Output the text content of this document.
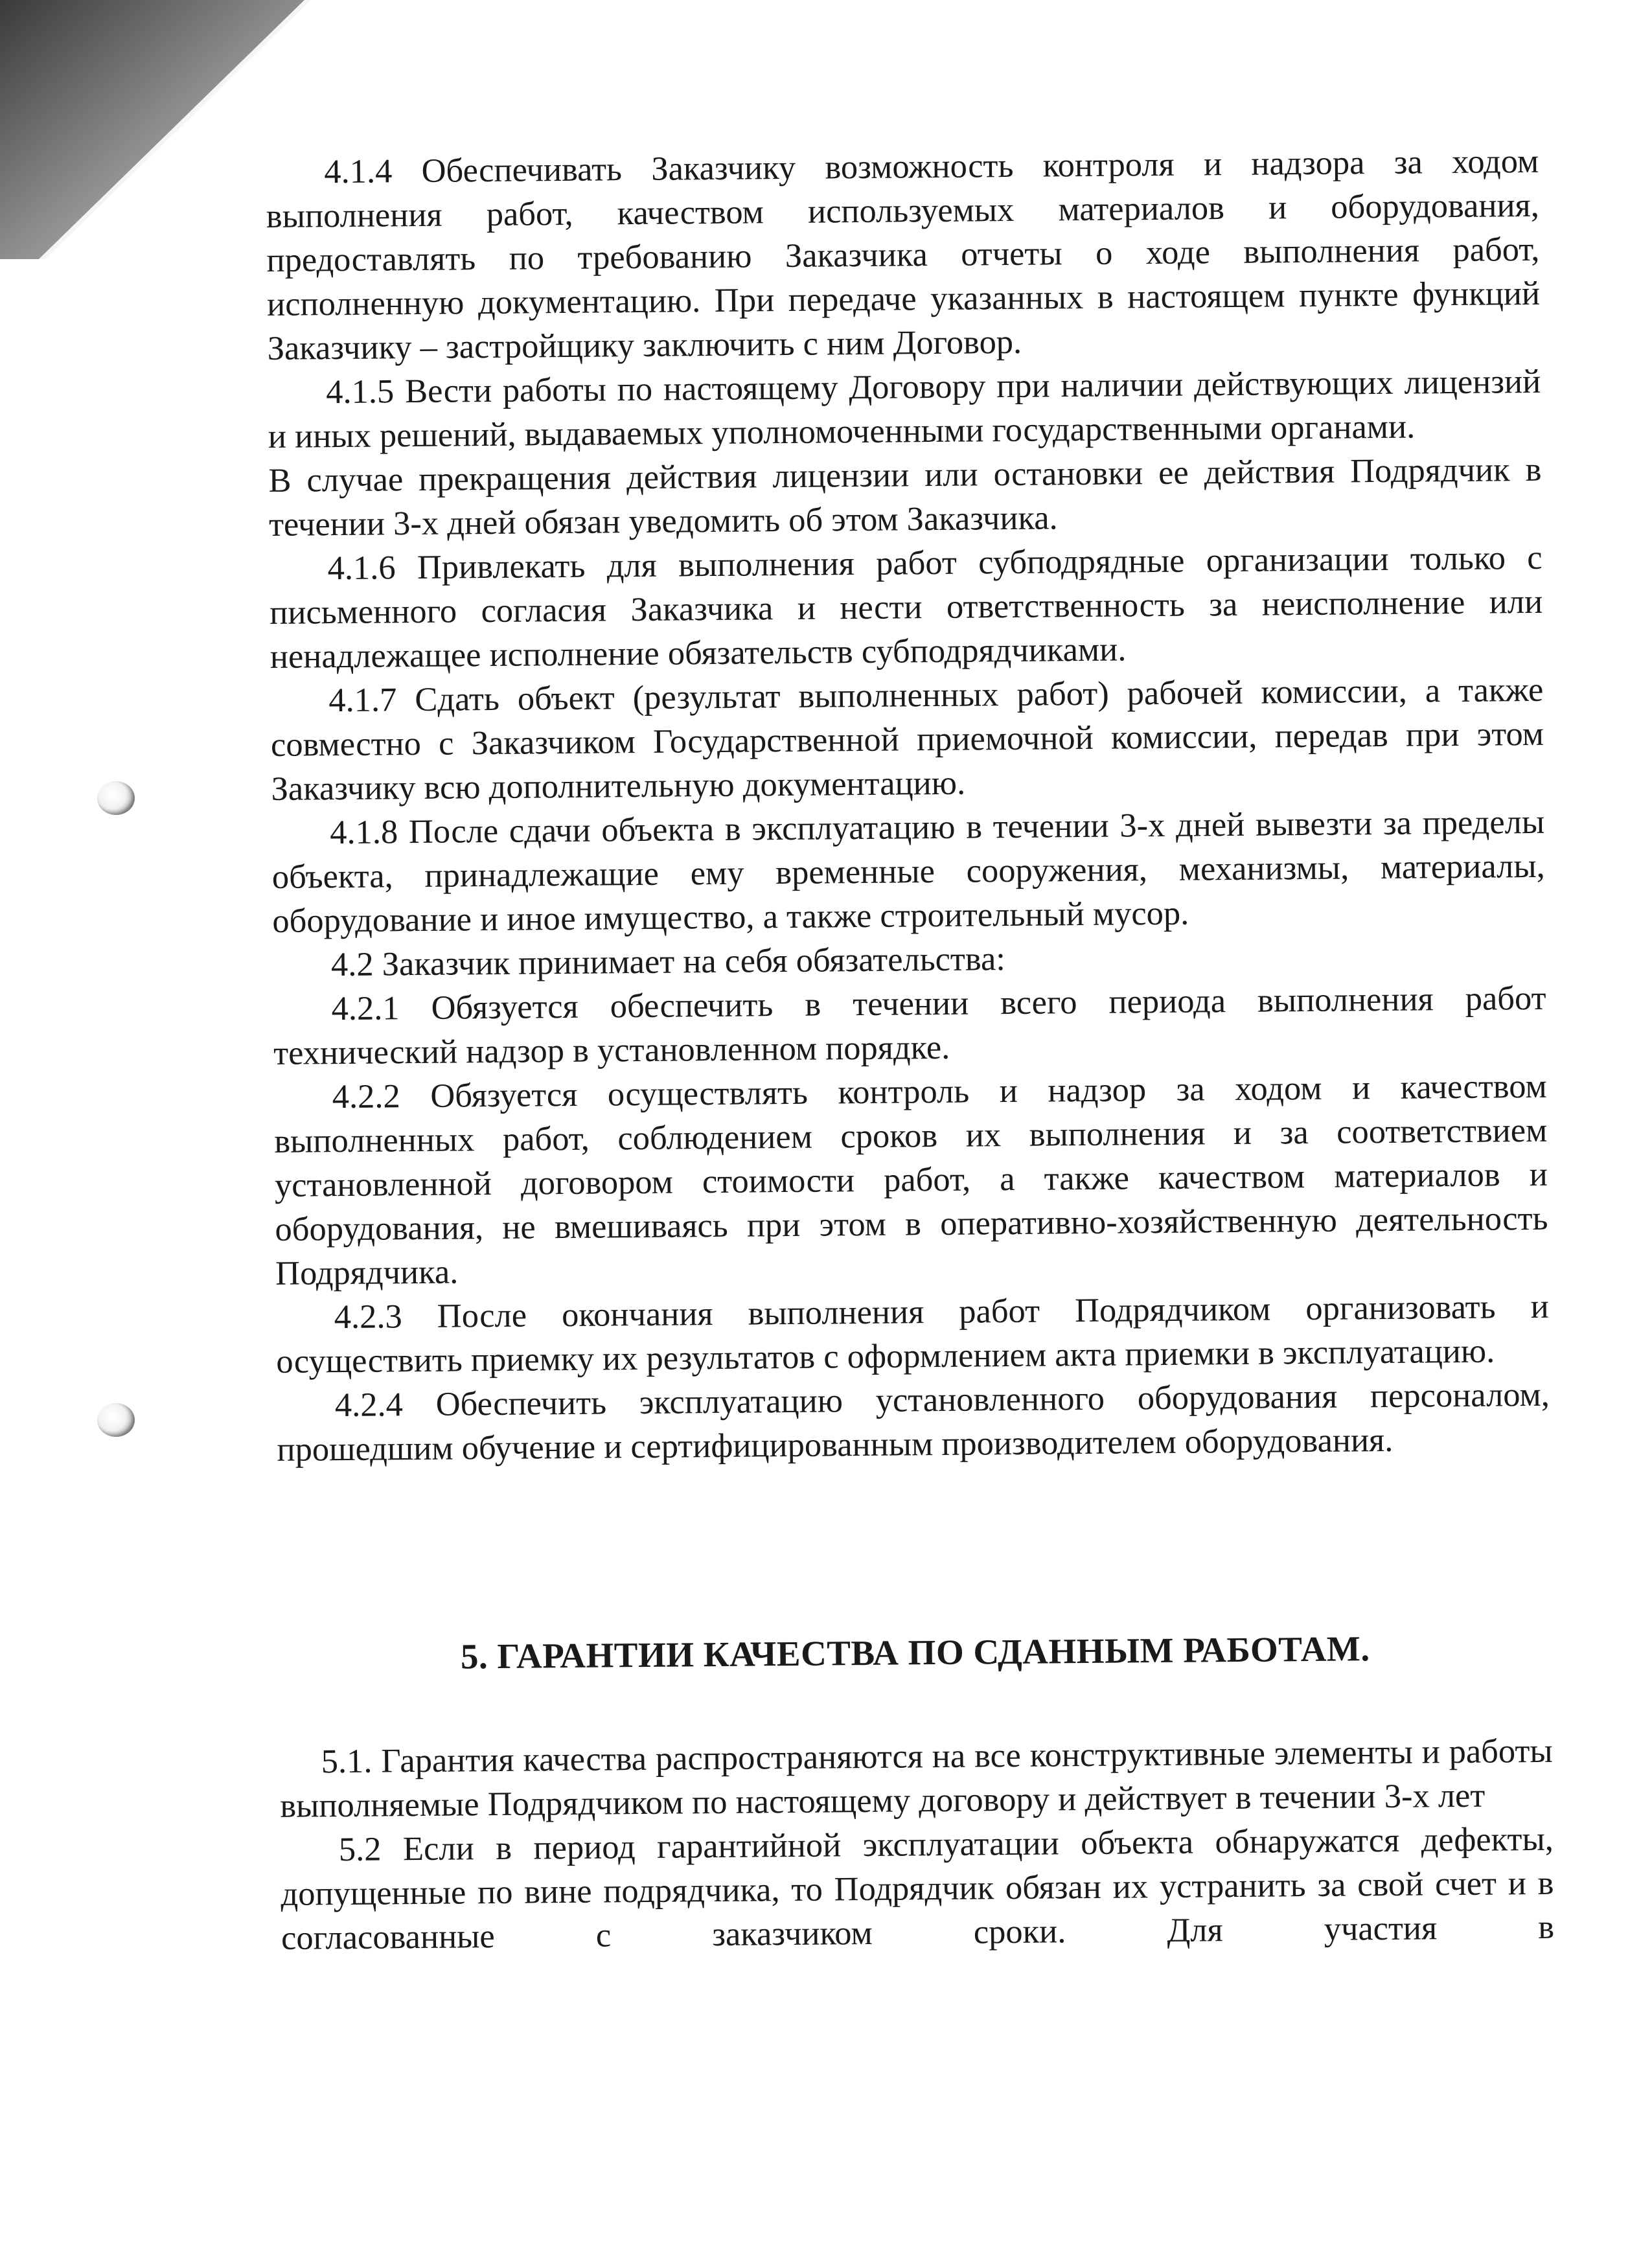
4.1.4 Обеспечивать Заказчику возможность контроля и надзора за ходом выполнения работ, качеством используемых материалов и оборудования, предоставлять по требованию Заказчика отчеты о ходе выполнения работ, исполненную документацию. При передаче указанных в настоящем пункте функций Заказчику – застройщику заключить с ним Договор.

4.1.5 Вести работы по настоящему Договору при наличии действующих лицензий и иных решений, выдаваемых уполномоченными государственными органами.

В случае прекращения действия лицензии или остановки ее действия Подрядчик в течении 3-х дней обязан уведомить об этом Заказчика.

4.1.6 Привлекать для выполнения работ субподрядные организации только с письменного согласия Заказчика и нести ответственность за неисполнение или ненадлежащее исполнение обязательств субподрядчиками.

4.1.7 Сдать объект (результат выполненных работ) рабочей комиссии, а также совместно с Заказчиком Государственной приемочной комиссии, передав при этом Заказчику всю дополнительную документацию.

4.1.8 После сдачи объекта в эксплуатацию в течении 3-х дней вывезти за пределы объекта, принадлежащие ему временные сооружения, механизмы, материалы, оборудование и иное имущество, а также строительный мусор.

4.2 Заказчик принимает на себя обязательства:

4.2.1 Обязуется обеспечить в течении всего периода выполнения работ технический надзор в установленном порядке.

4.2.2 Обязуется осуществлять контроль и надзор за ходом и качеством выполненных работ, соблюдением сроков их выполнения и за соответствием установленной договором стоимости работ, а также качеством материалов и оборудования, не вмешиваясь при этом в оперативно-хозяйственную деятельность Подрядчика.

4.2.3 После окончания выполнения работ Подрядчиком организовать и осуществить приемку их результатов с оформлением акта приемки в эксплуатацию.

4.2.4 Обеспечить эксплуатацию установленного оборудования персоналом, прошедшим обучение и сертифицированным производителем оборудования.

5. ГАРАНТИИ КАЧЕСТВА ПО СДАННЫМ РАБОТАМ.

5.1. Гарантия качества распространяются на все конструктивные элементы и работы выполняемые Подрядчиком по настоящему договору и действует в течении 3-х лет

5.2 Если в период гарантийной эксплуатации объекта обнаружатся дефекты, допущенные по вине подрядчика, то Подрядчик обязан их устранить за свой счет и в согласованные с заказчиком сроки. Для участия в
